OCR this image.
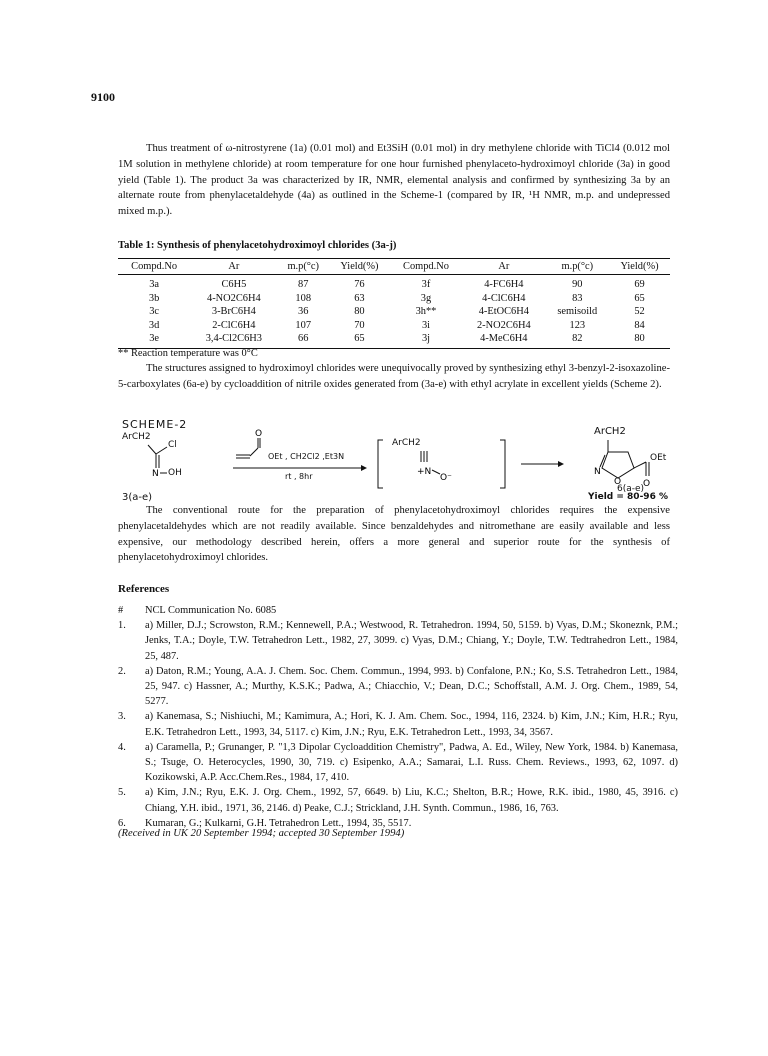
9100
Thus treatment of ω-nitrostyrene (1a) (0.01 mol) and Et3SiH (0.01 mol) in dry methylene chloride with TiCl4 (0.012 mol 1M solution in methylene chloride) at room temperature for one hour furnished phenylaceto-hydroximoyl chloride (3a) in good yield (Table 1). The product 3a was characterized by IR, NMR, elemental analysis and confirmed by synthesizing 3a by an alternate route from phenylacetaldehyde (4a) as outlined in the Scheme-1 (compared by IR, ¹H NMR, m.p. and undepressed mixed m.p.).
Table 1: Synthesis of phenylacetohydroximoyl chlorides (3a-j)
Compd.No	Ar	m.p(°c)	Yield(%)	Compd.No	Ar	m.p(°c)	Yield(%)
3a	C6H5	87	76	3f	4-FC6H4	90	69
3b	4-NO2C6H4	108	63	3g	4-ClC6H4	83	65
3c	3-BrC6H4	36	80	3h**	4-EtOC6H4	semisoild	52
3d	2-ClC6H4	107	70	3i	2-NO2C6H4	123	84
3e	3,4-Cl2C6H3	66	65	3j	4-MeC6H4	82	80
** Reaction temperature was 0°C
The structures assigned to hydroximoyl chlorides were unequivocally proved by synthesizing ethyl 3-benzyl-2-isoxazoline-5-carboxylates (6a-e) by cycloaddition of nitrile oxides generated from (3a-e) with ethyl acrylate in excellent yields (Scheme 2).
SCHEME-2
ArCH2
Cl
OH
N
O
+N
O⁻
N
O O
OEt , CH2Cl2 ,Et3N
rt , 8hr
ArCH2
ArCH2
OEt
6(a-e)
3(a-e)	Yield = 80-96 %
The conventional route for the preparation of phenylacetohydroximoyl chlorides requires the expensive phenylacetaldehydes which are not readily available. Since benzaldehydes and nitromethane are easily available and less expensive, our methodology described herein, offers a more general and superior route for the synthesis of phenylacetohydroximoyl chlorides.
References
#	NCL Communication No. 6085
1.	a) Miller, D.J.; Scrowston, R.M.; Kennewell, P.A.; Westwood, R. Tetrahedron. 1994, 50, 5159. b) Vyas, D.M.; Skoneznk, P.M.; Jenks, T.A.; Doyle, T.W. Tetrahedron Lett., 1982, 27, 3099. c) Vyas, D.M.; Chiang, Y.; Doyle, T.W. Tedtrahedron Lett., 1984, 25, 487.
2.	a) Daton, R.M.; Young, A.A. J. Chem. Soc. Chem. Commun., 1994, 993. b) Confalone, P.N.; Ko, S.S. Tetrahedron Lett., 1984, 25, 947. c) Hassner, A.; Murthy, K.S.K.; Padwa, A.; Chiacchio, V.; Dean, D.C.; Schoffstall, A.M. J. Org. Chem., 1989, 54, 5277.
3.	a) Kanemasa, S.; Nishiuchi, M.; Kamimura, A.; Hori, K. J. Am. Chem. Soc., 1994, 116, 2324. b) Kim, J.N.; Kim, H.R.; Ryu, E.K. Tetrahedron Lett., 1993, 34, 5117. c) Kim, J.N.; Ryu, E.K. Tetrahedron Lett., 1993, 34, 3567.
4.	a) Caramella, P.; Grunanger, P. "1,3 Dipolar Cycloaddition Chemistry", Padwa, A. Ed., Wiley, New York, 1984. b) Kanemasa, S.; Tsuge, O. Heterocycles, 1990, 30, 719. c) Esipenko, A.A.; Samarai, L.I. Russ. Chem. Reviews., 1993, 62, 1097. d) Kozikowski, A.P. Acc.Chem.Res., 1984, 17, 410.
5.	a) Kim, J.N.; Ryu, E.K. J. Org. Chem., 1992, 57, 6649. b) Liu, K.C.; Shelton, B.R.; Howe, R.K. ibid., 1980, 45, 3916. c) Chiang, Y.H. ibid., 1971, 36, 2146. d) Peake, C.J.; Strickland, J.H. Synth. Commun., 1986, 16, 763.
6.	Kumaran, G.; Kulkarni, G.H. Tetrahedron Lett., 1994, 35, 5517.
(Received in UK 20 September 1994; accepted 30 September 1994)
